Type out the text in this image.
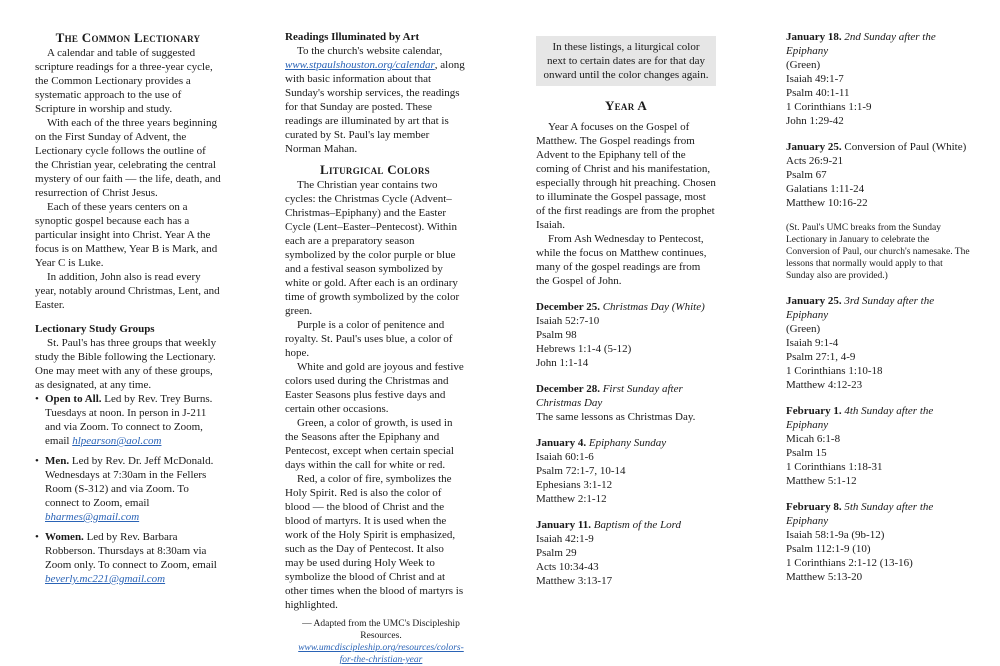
The Common Lectionary

A calendar and table of suggested scripture readings for a three-year cycle, the Common Lectionary provides a systematic approach to the use of Scripture in worship and study.

With each of the three years beginning on the First Sunday of Advent, the Lectionary cycle follows the outline of the Christian year, celebrating the central mystery of our faith — the life, death, and resurrection of Christ Jesus.

Each of these years centers on a synoptic gospel because each has a particular insight into Christ. Year A the focus is on Matthew, Year B is Mark, and Year C is Luke.

In addition, John also is read every year, notably around Christmas, Lent, and Easter.

Lectionary Study Groups

St. Paul's has three groups that weekly study the Bible following the Lectionary. One may meet with any of these groups, as designated, at any time.

• Open to All. Led by Rev. Trey Burns. Tuesdays at noon. In person in J-211 and via Zoom. To connect to Zoom, email hlpearson@aol.com
• Men. Led by Rev. Dr. Jeff McDonald. Wednesdays at 7:30am in the Fellers Room (S-312) and via Zoom. To connect to Zoom, email bharmes@gmail.com
• Women. Led by Rev. Barbara Robberson. Thursdays at 8:30am via Zoom only. To connect to Zoom, email beverly.mc221@gmail.com
Readings Illuminated by Art

To the church's website calendar, www.stpaulshouston.org/calendar, along with basic information about that Sunday's worship services, the readings for that Sunday are posted. These readings are illuminated by art that is curated by St. Paul's lay member Norman Mahan.

Liturgical Colors

The Christian year contains two cycles: the Christmas Cycle (Advent–Christmas–Epiphany) and the Easter Cycle (Lent–Easter–Pentecost). Within each are a preparatory season symbolized by the color purple or blue and a festival season symbolized by white or gold. After each is an ordinary time of growth symbolized by the color green.

Purple is a color of penitence and royalty. St. Paul's uses blue, a color of hope.

White and gold are joyous and festive colors used during the Christmas and Easter Seasons plus festive days and certain other occasions.

Green, a color of growth, is used in the Seasons after the Epiphany and Pentecost, except when certain special days within the call for white or red.

Red, a color of fire, symbolizes the Holy Spirit. Red is also the color of blood — the blood of Christ and the blood of martyrs. It is used when the work of the Holy Spirit is emphasized, such as the Day of Pentecost. It also may be used during Holy Week to symbolize the blood of Christ and at other times when the blood of martyrs is highlighted.

— Adapted from the UMC's Discipleship Resources. www.umcdiscipleship.org/resources/colors-for-the-christian-year
In these listings, a liturgical color next to certain dates are for that day onward until the color changes again.
Year A

Year A focuses on the Gospel of Matthew. The Gospel readings from Advent to the Epiphany tell of the coming of Christ and his manifestation, especially through hit preaching. Chosen to illuminate the Gospel passage, most of the first readings are from the prophet Isaiah.

From Ash Wednesday to Pentecost, while the focus on Matthew continues, many of the gospel readings are from the Gospel of John.

December 25. Christmas Day (White)
Isaiah 52:7-10
Psalm 98
Hebrews 1:1-4 (5-12)
John 1:1-14
December 28. First Sunday after Christmas Day
The same lessons as Christmas Day.
January 4. Epiphany Sunday
Isaiah 60:1-6
Psalm 72:1-7, 10-14
Ephesians 3:1-12
Matthew 2:1-12
January 11. Baptism of the Lord
Isaiah 42:1-9
Psalm 29
Acts 10:34-43
Matthew 3:13-17
January 18. 2nd Sunday after the Epiphany
(Green)
Isaiah 49:1-7
Psalm 40:1-11
1 Corinthians 1:1-9
John 1:29-42
January 25. Conversion of Paul (White)
Acts 26:9-21
Psalm 67
Galatians 1:11-24
Matthew 10:16-22

(St. Paul's UMC breaks from the Sunday Lectionary in January to celebrate the Conversion of Paul, our church's namesake. The lessons that normally would apply to that Sunday also are provided.)

January 25. 3rd Sunday after the Epiphany
(Green)
Isaiah 9:1-4
Psalm 27:1, 4-9
1 Corinthians 1:10-18
Matthew 4:12-23
February 1. 4th Sunday after the Epiphany
Micah 6:1-8
Psalm 15
1 Corinthians 1:18-31
Matthew 5:1-12
February 8. 5th Sunday after the Epiphany
Isaiah 58:1-9a (9b-12)
Psalm 112:1-9 (10)
1 Corinthians 2:1-12 (13-16)
Matthew 5:13-20
